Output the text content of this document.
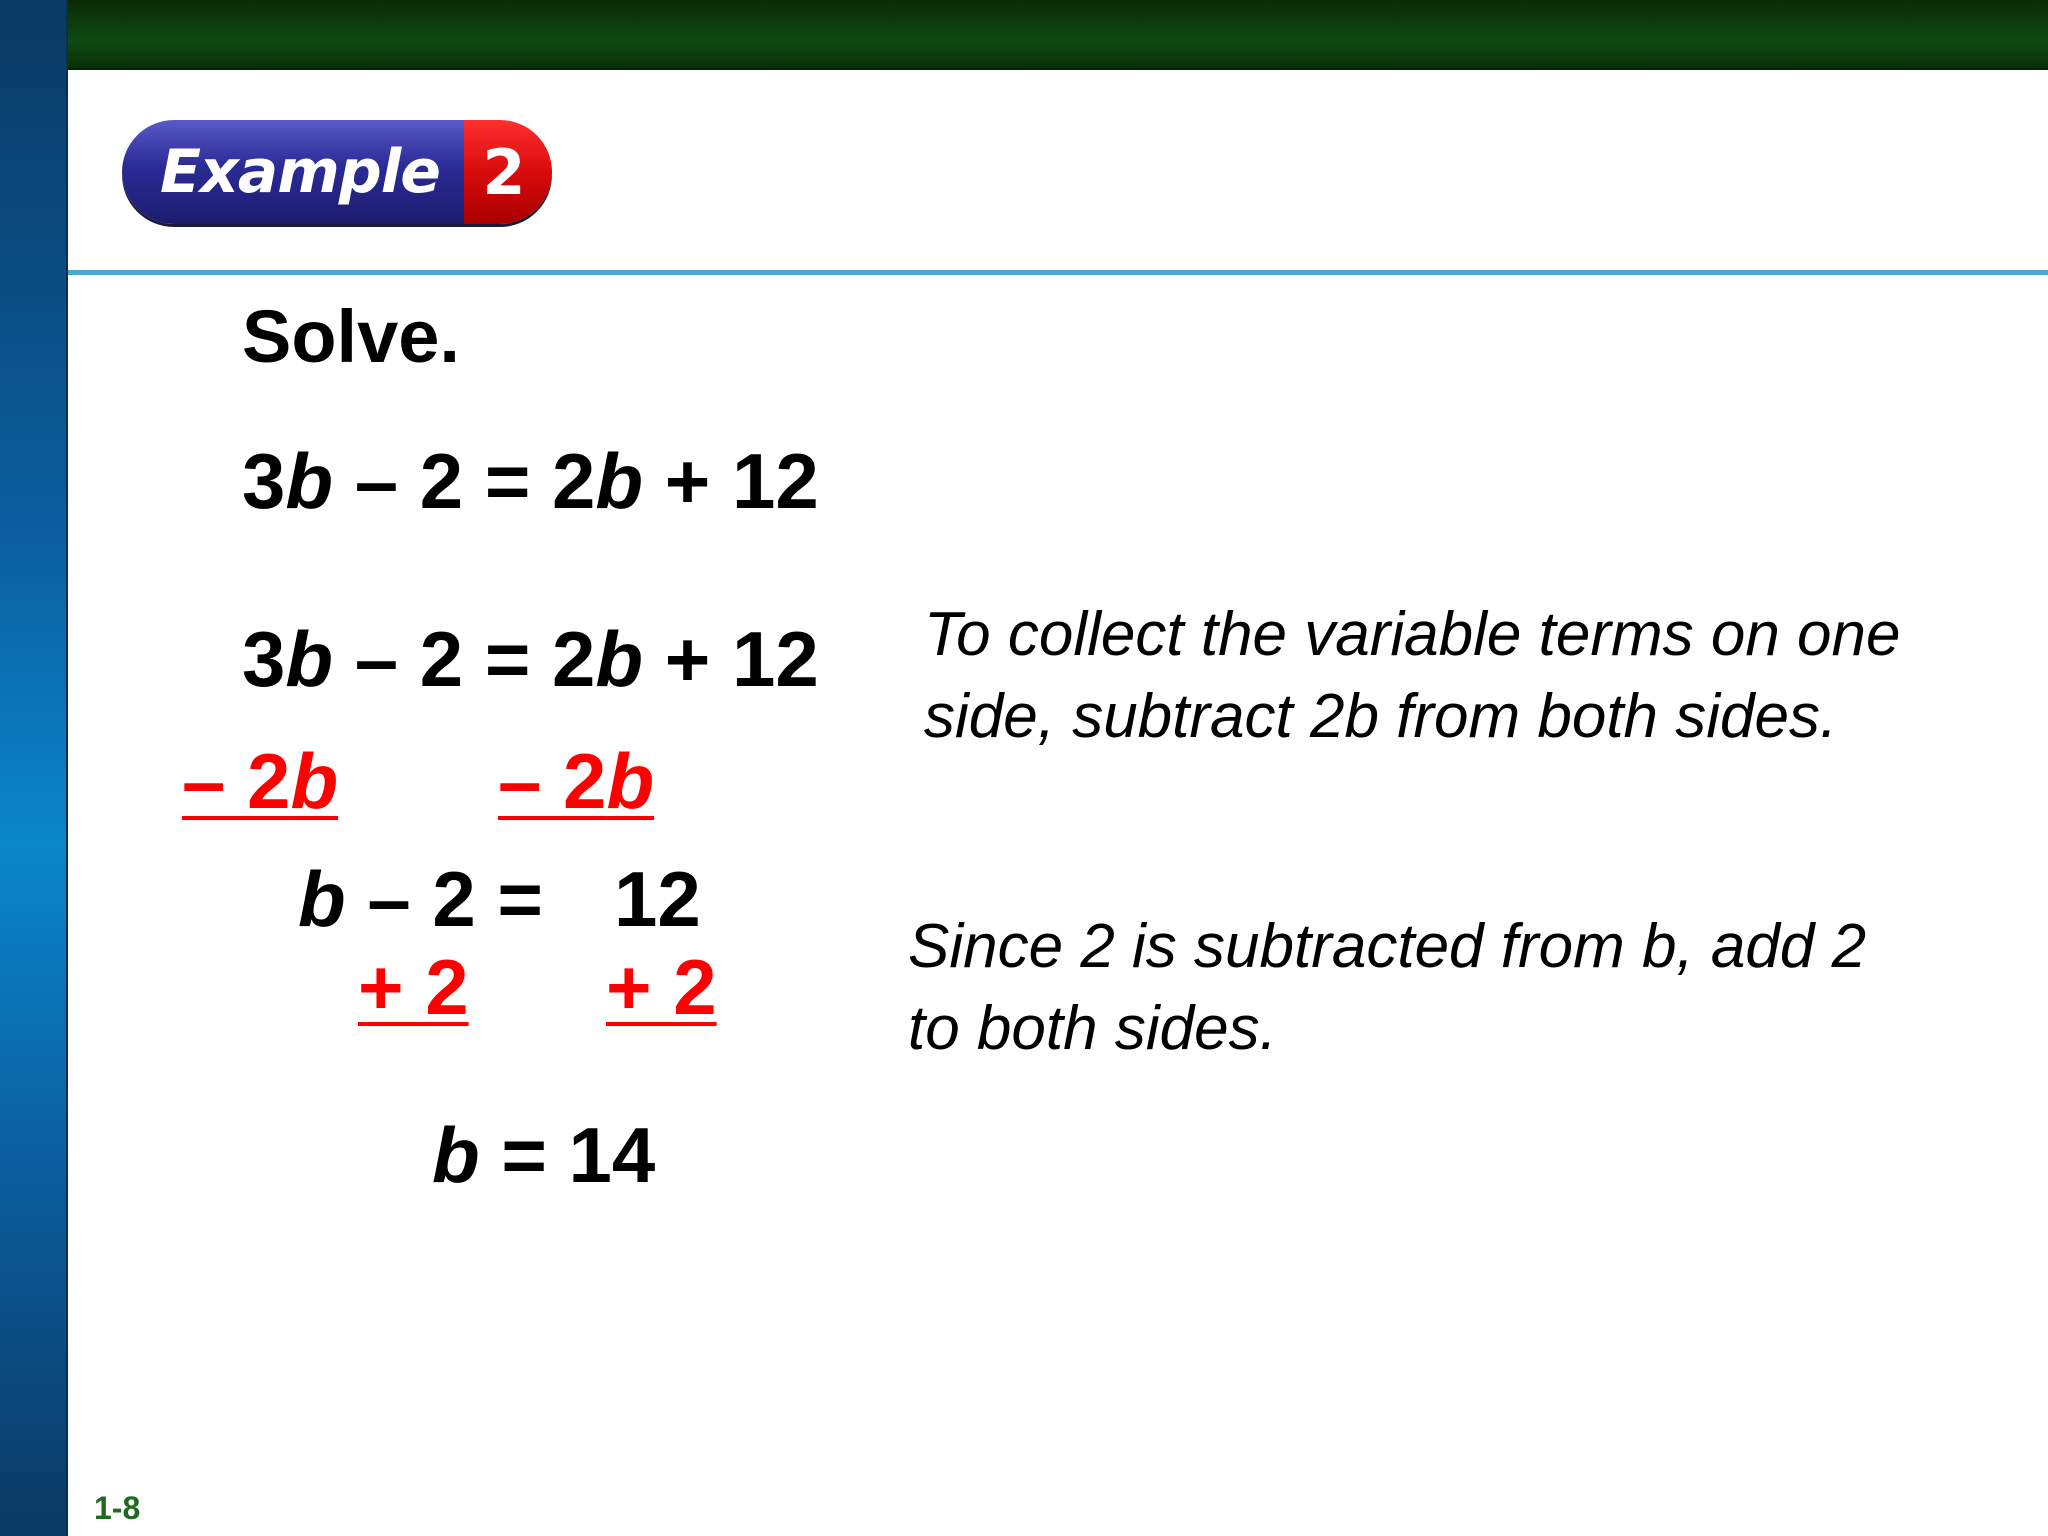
Example 2

Solve.

3b – 2 = 2b + 12

3b – 2 = 2b + 12

– 2b – 2b

b – 2 = 12

+ 2 + 2

b = 14

To collect the variable terms on one side, subtract 2b from both sides.

Since 2 is subtracted from b, add 2 to both sides.

1-8
